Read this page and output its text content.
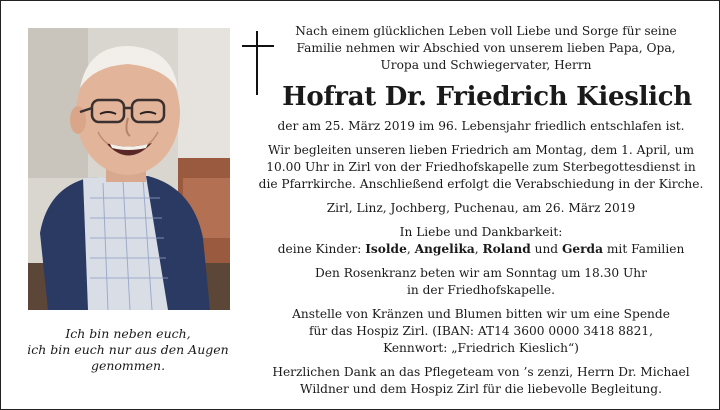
Ich bin neben euch,
ich bin euch nur aus den Augen
genommen.
Nach einem glücklichen Leben voll Liebe und Sorge für seine
Familie nehmen wir Abschied von unserem lieben Papa, Opa,
Uropa und Schwiegervater, Herrn
Hofrat Dr. Friedrich Kieslich
der am 25. März 2019 im 96. Lebensjahr friedlich entschlafen ist.
Wir begleiten unseren lieben Friedrich am Montag, dem 1. April, um
10.00 Uhr in Zirl von der Friedhofskapelle zum Sterbegottesdienst in
die Pfarrkirche. Anschließend erfolgt die Verabschiedung in der Kirche.
Zirl, Linz, Jochberg, Puchenau, am 26. März 2019
In Liebe und Dankbarkeit:
deine Kinder: Isolde, Angelika, Roland und Gerda mit Familien
Den Rosenkranz beten wir am Sonntag um 18.30 Uhr
in der Friedhofskapelle.
Anstelle von Kränzen und Blumen bitten wir um eine Spende
für das Hospiz Zirl. (IBAN: AT14 3600 0000 3418 8821,
Kennwort: „Friedrich Kieslich“)
Herzlichen Dank an das Pflegeteam von ’s zenzi, Herrn Dr. Michael
Wildner und dem Hospiz Zirl für die liebevolle Begleitung.
